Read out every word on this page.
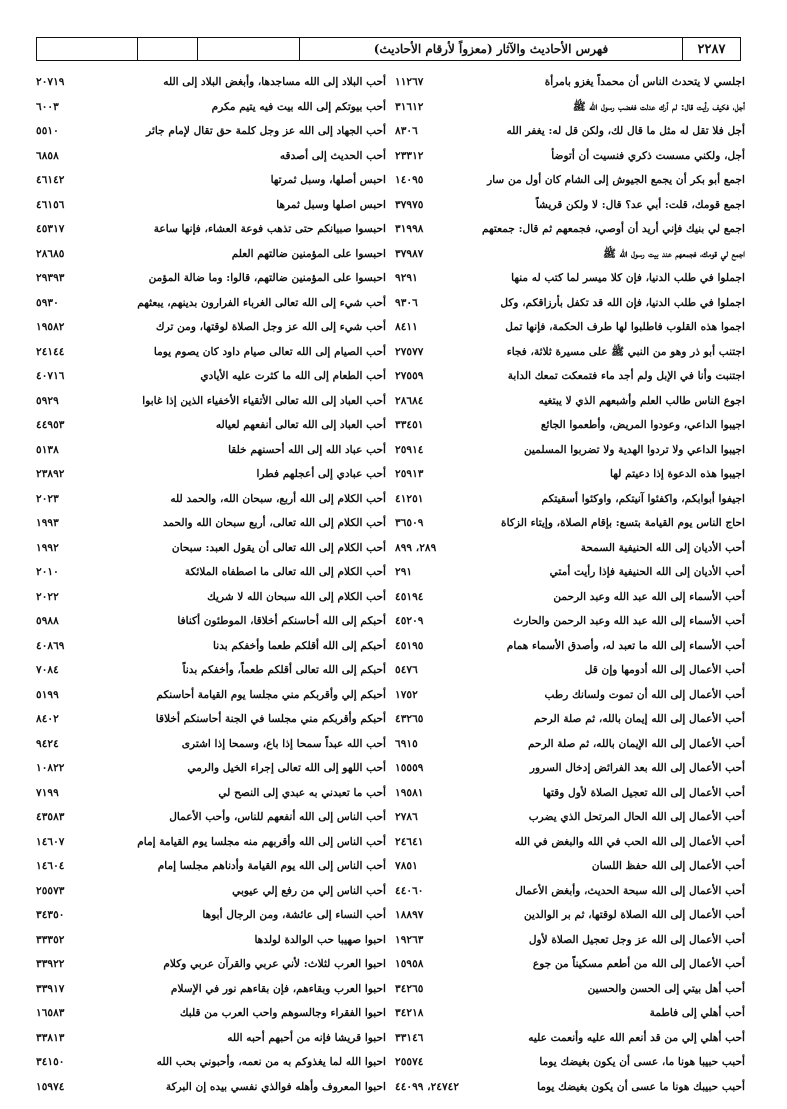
٢٢٨٧
فهرس الأحاديث والآثار (معزواً لأرقام الأحاديث)
اجلسي لا يتحدث الناس أن محمداً يغزو بامرأة
١١٢٦٧
أجل، فكيف رأيت قال: لم أرك عدلت فغضب رسول الله ﷺ
٣١٦١٢
أجل فلا تقل له مثل ما قال لك، ولكن قل له: يغفر الله
٨٣٠٦
أجل، ولكني مسست ذكري فنسيت أن أتوضأ
٢٣٣١٢
اجمع أبو بكر أن يجمع الجيوش إلى الشام كان أول من سار
١٤٠٩٥
اجمع قومك، قلت: أبي عد؟ قال: لا ولكن قريشاً
٣٧٩٧٥
اجمع لي بنيك فإني أريد أن أوصي، فجمعهم ثم قال: جمعتهم
٣١٩٩٨
اجمع لي قومك، فجمعهم عند بيت رسول الله ﷺ
٣٧٩٨٧
اجملوا في طلب الدنيا، فإن كلا ميسر لما كتب له منها
٩٢٩١
اجملوا في طلب الدنيا، فإن الله قد تكفل بأرزاقكم، وكل
٩٣٠٦
اجموا هذه القلوب فاطلبوا لها طرف الحكمة، فإنها تمل
٨٤١١
اجتنب أبو ذر وهو من النبي ﷺ على مسيرة ثلاثة، فجاء
٢٧٥٧٧
اجتنبت وأنا في الإبل ولم أجد ماء فتمعكت تمعك الدابة
٢٧٥٥٩
اجوع الناس طالب العلم وأشبعهم الذي لا يبتغيه
٢٨٦٨٤
اجيبوا الداعي، وعودوا المريض، وأطعموا الجائع
٣٣٤٥١
اجيبوا الداعي ولا تردوا الهدية ولا تضربوا المسلمين
٢٥٩١٤
اجيبوا هذه الدعوة إذا دعيتم لها
٢٥٩١٣
اجيفوا أبوابكم، واكفئوا آنيتكم، واوكئوا أسقيتكم
٤١٢٥١
احاج الناس يوم القيامة بتسع: بإقام الصلاة، وإيتاء الزكاة
٣٦٥٠٩
أحب الأديان إلى الله الحنيفية السمحة
٢٨٩، ٨٩٩
أحب الأديان إلى الله الحنيفية فإذا رأيت أمتي
٢٩١
أحب الأسماء إلى الله عبد الله وعبد الرحمن
٤٥١٩٤
أحب الأسماء إلى الله عبد الله وعبد الرحمن والحارث
٤٥٢٠٩
أحب الأسماء إلى الله ما تعبد له، وأصدق الأسماء همام
٤٥١٩٥
أحب الأعمال إلى الله أدومها وإن قل
٥٤٧٦
أحب الأعمال إلى الله أن تموت ولسانك رطب
١٧٥٢
أحب الأعمال إلى الله إيمان بالله، ثم صلة الرحم
٤٣٢٦٥
أحب الأعمال إلى الله الإيمان بالله، ثم صلة الرحم
٦٩١٥
أحب الأعمال إلى الله بعد الفرائض إدخال السرور
١٥٥٥٩
أحب الأعمال إلى الله تعجيل الصلاة لأول وقتها
١٩٥٨١
أحب الأعمال إلى الله الحال المرتحل الذي يضرب
٢٧٨٦
أحب الأعمال إلى الله الحب في الله والبغض في الله
٢٤٦٤١
أحب الأعمال إلى الله حفظ اللسان
٧٨٥١
أحب الأعمال إلى الله سبحة الحديث، وأبغض الأعمال
٤٤٠٦٠
أحب الأعمال إلى الله الصلاة لوقتها، ثم بر الوالدين
١٨٨٩٧
أحب الأعمال إلى الله عز وجل تعجيل الصلاة لأول
١٩٢٦٣
أحب الأعمال إلى الله من أطعم مسكيناً من جوع
١٥٩٥٨
أحب أهل بيتي إلى الحسن والحسين
٣٤٢٦٥
أحب أهلي إلى فاطمة
٣٤٢١٨
أحب أهلي إلي من قد أنعم الله عليه وأنعمت عليه
٣٣١٤٦
أحبب حبيبا هونا ما، عسى أن يكون بغيضك يوما
٢٥٥٧٤
أحبب حبيبك هونا ما عسى أن يكون بغيضك يوما
٢٤٧٤٢، ٤٤٠٩٩
أحب البلاد إلى الله مساجدها، وأبغض البلاد إلى الله
٢٠٧١٩
أحب بيوتكم إلى الله بيت فيه يتيم مكرم
٦٠٠٣
أحب الجهاد إلى الله عز وجل كلمة حق تقال لإمام جائر
٥٥١٠
أحب الحديث إلى أصدقه
٦٨٥٨
احبس أصلها، وسبل ثمرتها
٤٦١٤٢
احبس اصلها وسبل ثمرها
٤٦١٥٦
احبسوا صبيانكم حتى تذهب فوعة العشاء، فإنها ساعة
٤٥٣١٧
احبسوا على المؤمنين ضالتهم العلم
٢٨٦٨٥
احبسوا على المؤمنين ضالتهم، قالوا: وما ضالة المؤمن
٢٩٣٩٣
أحب شيء إلى الله تعالى الغرباء الفرارون بدينهم، يبعثهم
٥٩٣٠
أحب شيء إلى الله عز وجل الصلاة لوقتها، ومن ترك
١٩٥٨٢
أحب الصيام إلى الله تعالى صيام داود كان يصوم يوما
٢٤١٤٤
أحب الطعام إلى الله ما كثرت عليه الأيادي
٤٠٧١٦
أحب العباد إلى الله تعالى الأتقياء الأخفياء الذين إذا غابوا
٥٩٢٩
أحب العباد إلى الله تعالى أنفعهم لعياله
٤٤٩٥٣
أحب عباد الله إلى الله أحسنهم خلقا
٥١٣٨
أحب عبادي إلى أعجلهم فطرا
٢٣٨٩٢
أحب الكلام إلى الله أربع، سبحان الله، والحمد لله
٢٠٢٣
أحب الكلام إلى الله تعالى، أربع سبحان الله والحمد
١٩٩٣
أحب الكلام إلى الله تعالى أن يقول العبد: سبحان
١٩٩٢
أحب الكلام إلى الله تعالى ما اصطفاه الملائكة
٢٠١٠
أحب الكلام إلى الله سبحان الله لا شريك
٢٠٢٢
أحبكم إلى الله أحاسنكم أخلاقا، الموطئون أكنافا
٥٩٨٨
أحبكم إلى الله أقلكم طعما وأخفكم بدنا
٤٠٨٦٩
أحبكم إلى الله تعالى أقلكم طعماً، وأخفكم بدناً
٧٠٨٤
أحبكم إلي وأقربكم مني مجلسا يوم القيامة أحاسنكم
٥١٩٩
أحبكم وأقربكم مني مجلسا في الجنة أحاسنكم أخلاقا
٨٤٠٢
أحب الله عبداً سمحا إذا باع، وسمحا إذا اشترى
٩٤٢٤
أحب اللهو إلى الله تعالى إجراء الخيل والرمي
١٠٨٢٢
أحب ما تعبدني به عبدي إلى النصح لي
٧١٩٩
أحب الناس إلى الله أنفعهم للناس، وأحب الأعمال
٤٣٥٨٣
أحب الناس إلى الله وأقربهم منه مجلسا يوم القيامة إمام
١٤٦٠٧
أحب الناس إلى الله يوم القيامة وأدناهم مجلسا إمام
١٤٦٠٤
أحب الناس إلي من رفع إلي عيوبي
٢٥٥٧٣
أحب النساء إلى عائشة، ومن الرجال أبوها
٣٤٣٥٠
احبوا صهيبا حب الوالدة لولدها
٣٣٣٥٢
احبوا العرب لثلاث: لأني عربي والقرآن عربي وكلام
٣٣٩٢٢
احبوا العرب وبقاءهم، فإن بقاءهم نور في الإسلام
٣٣٩١٧
احبوا الفقراء وجالسوهم واحب العرب من قلبك
١٦٥٨٣
احبوا قريشا فإنه من أحبهم أحبه الله
٣٣٨١٣
احبوا الله لما يغذوكم به من نعمه، وأحبوني بحب الله
٣٤١٥٠
احبوا المعروف وأهله فوالذي نفسي بيده إن البركة
١٥٩٧٤
